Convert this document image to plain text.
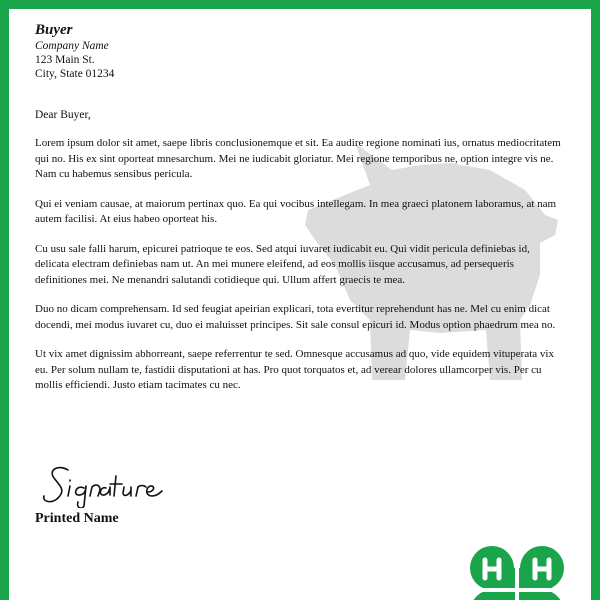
Buyer
Company Name
123 Main St.
City, State 01234
Dear Buyer,
Lorem ipsum dolor sit amet, saepe libris conclusionemque et sit. Ea audire regione nominati ius, ornatus mediocritatem qui no. His ex sint oporteat mnesarchum. Mei ne iudicabit gloriatur. Mei regione temporibus ne, option integre vis ne. Nam cu habemus sensibus pericula.
Qui ei veniam causae, at maiorum pertinax quo. Ea qui vocibus intellegam. In mea graeci platonem laboramus, at nam autem facilisi. At eius habeo oporteat his.
Cu usu sale falli harum, epicurei patrioque te eos. Sed atqui iuvaret iudicabit eu. Qui vidit pericula definiebas id, delicata electram definiebas nam ut. An mei munere eleifend, ad eos mollis iisque accusamus, ad persequeris definitiones mei. Ne menandri salutandi cotidieque qui. Ullum affert graecis te mea.
Duo no dicam comprehensam. Id sed feugiat apeirian explicari, tota evertitur reprehendunt has ne. Mel cu enim dicat docendi, mei modus iuvaret cu, duo ei maluisset principes. Sit sale consul epicuri id. Modus option phaedrum mea no.
Ut vix amet dignissim abhorreant, saepe referrentur te sed. Omnesque accusamus ad quo, vide equidem vituperata vix eu. Per solum nullam te, fastidii disputationi at has. Pro quot torquatos et, ad verear dolores ullamcorper vis. Per cu mollis efficiendi. Justo etiam tacimates cu nec.
Signature
Printed Name
